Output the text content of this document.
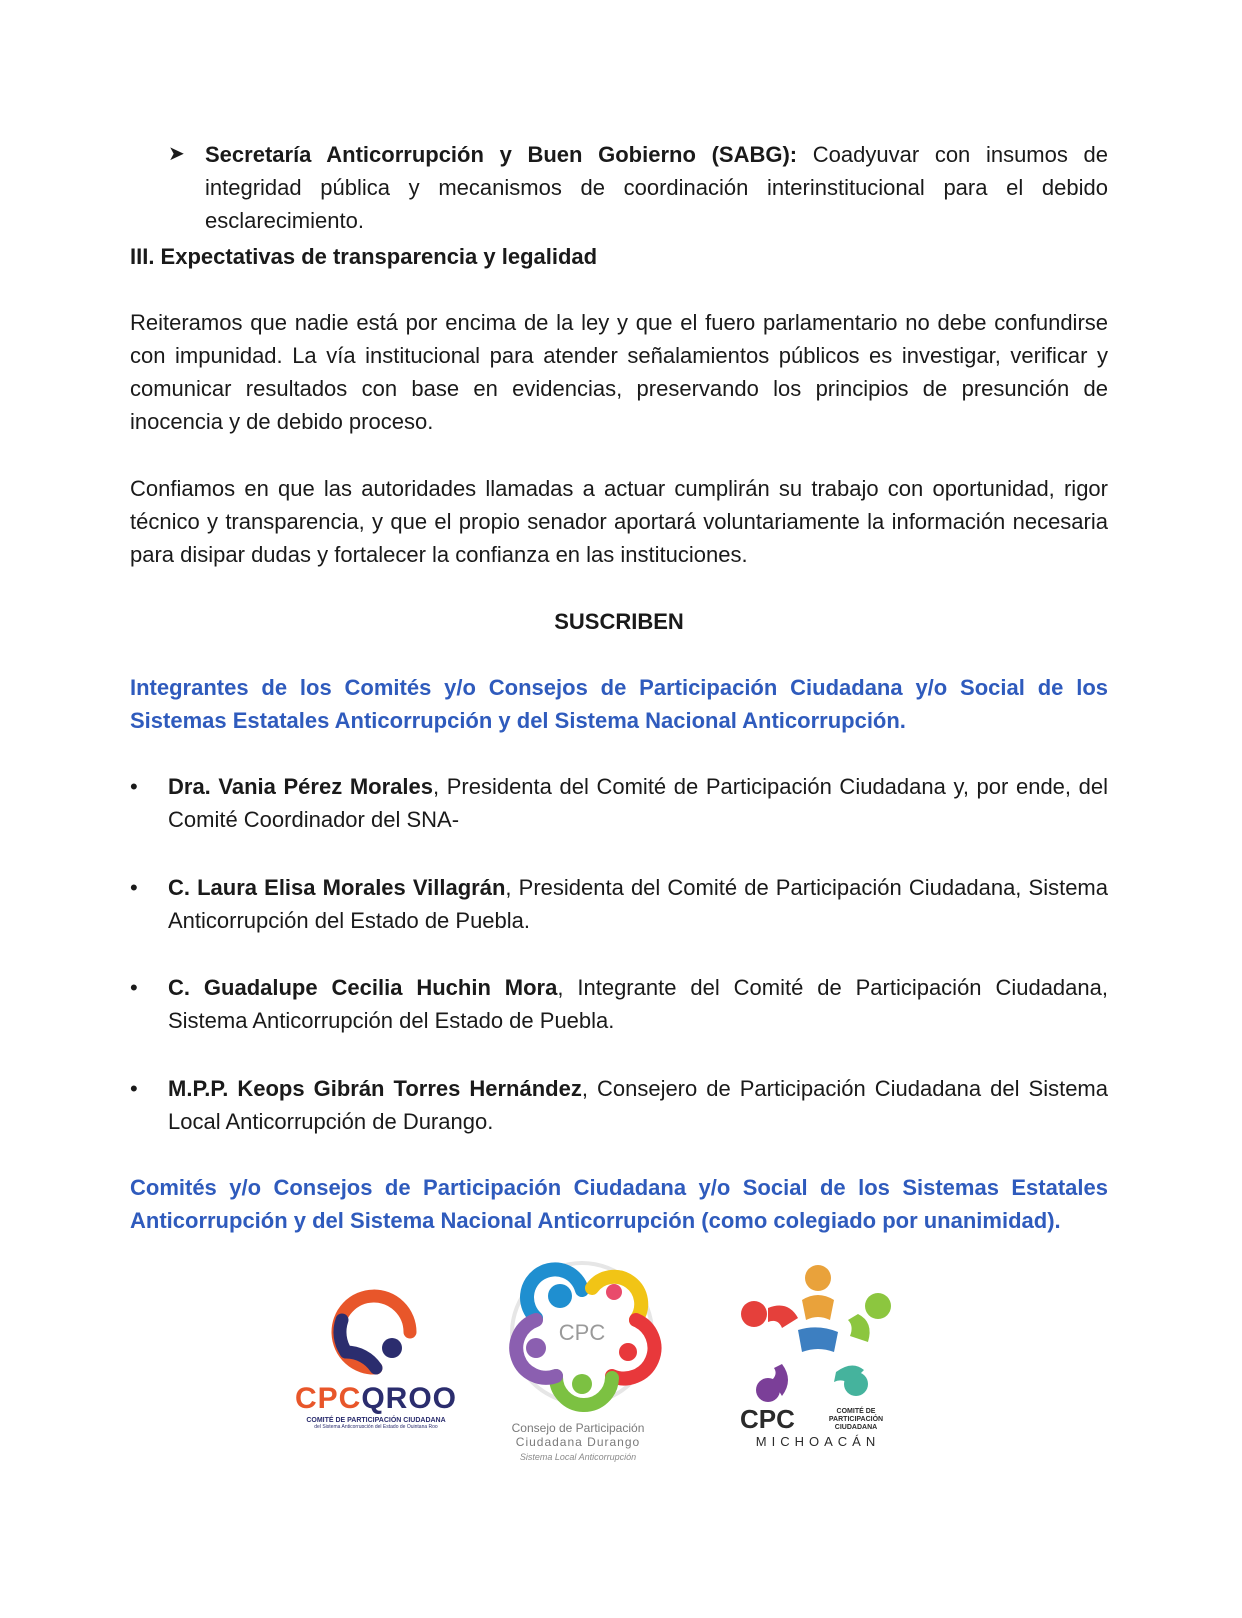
➤ Secretaría Anticorrupción y Buen Gobierno (SABG): Coadyuvar con insumos de integridad pública y mecanismos de coordinación interinstitucional para el debido esclarecimiento.
III. Expectativas de transparencia y legalidad
Reiteramos que nadie está por encima de la ley y que el fuero parlamentario no debe confundirse con impunidad. La vía institucional para atender señalamientos públicos es investigar, verificar y comunicar resultados con base en evidencias, preservando los principios de presunción de inocencia y de debido proceso.
Confiamos en que las autoridades llamadas a actuar cumplirán su trabajo con oportunidad, rigor técnico y transparencia, y que el propio senador aportará voluntariamente la información necesaria para disipar dudas y fortalecer la confianza en las instituciones.
SUSCRIBEN
Integrantes de los Comités y/o Consejos de Participación Ciudadana y/o Social de los Sistemas Estatales Anticorrupción y del Sistema Nacional Anticorrupción.
• Dra. Vania Pérez Morales, Presidenta del Comité de Participación Ciudadana y, por ende, del Comité Coordinador del SNA-
• C. Laura Elisa Morales Villagrán, Presidenta del Comité de Participación Ciudadana, Sistema Anticorrupción del Estado de Puebla.
• C. Guadalupe Cecilia Huchin Mora, Integrante del Comité de Participación Ciudadana, Sistema Anticorrupción del Estado de Puebla.
• M.P.P. Keops Gibrán Torres Hernández, Consejero de Participación Ciudadana del Sistema Local Anticorrupción de Durango.
Comités y/o Consejos de Participación Ciudadana y/o Social de los Sistemas Estatales Anticorrupción y del Sistema Nacional Anticorrupción (como colegiado por unanimidad).
CPCQROO
COMITÉ DE PARTICIPACIÓN CIUDADANA
del Sistema Anticorrupción del Estado de Quintana Roo
CPC
Consejo de Participación
Ciudadana Durango
Sistema Local Anticorrupción
CPC	COMITÉ DE
PARTICIPACIÓN
CIUDADANA
MICHOACÁN
